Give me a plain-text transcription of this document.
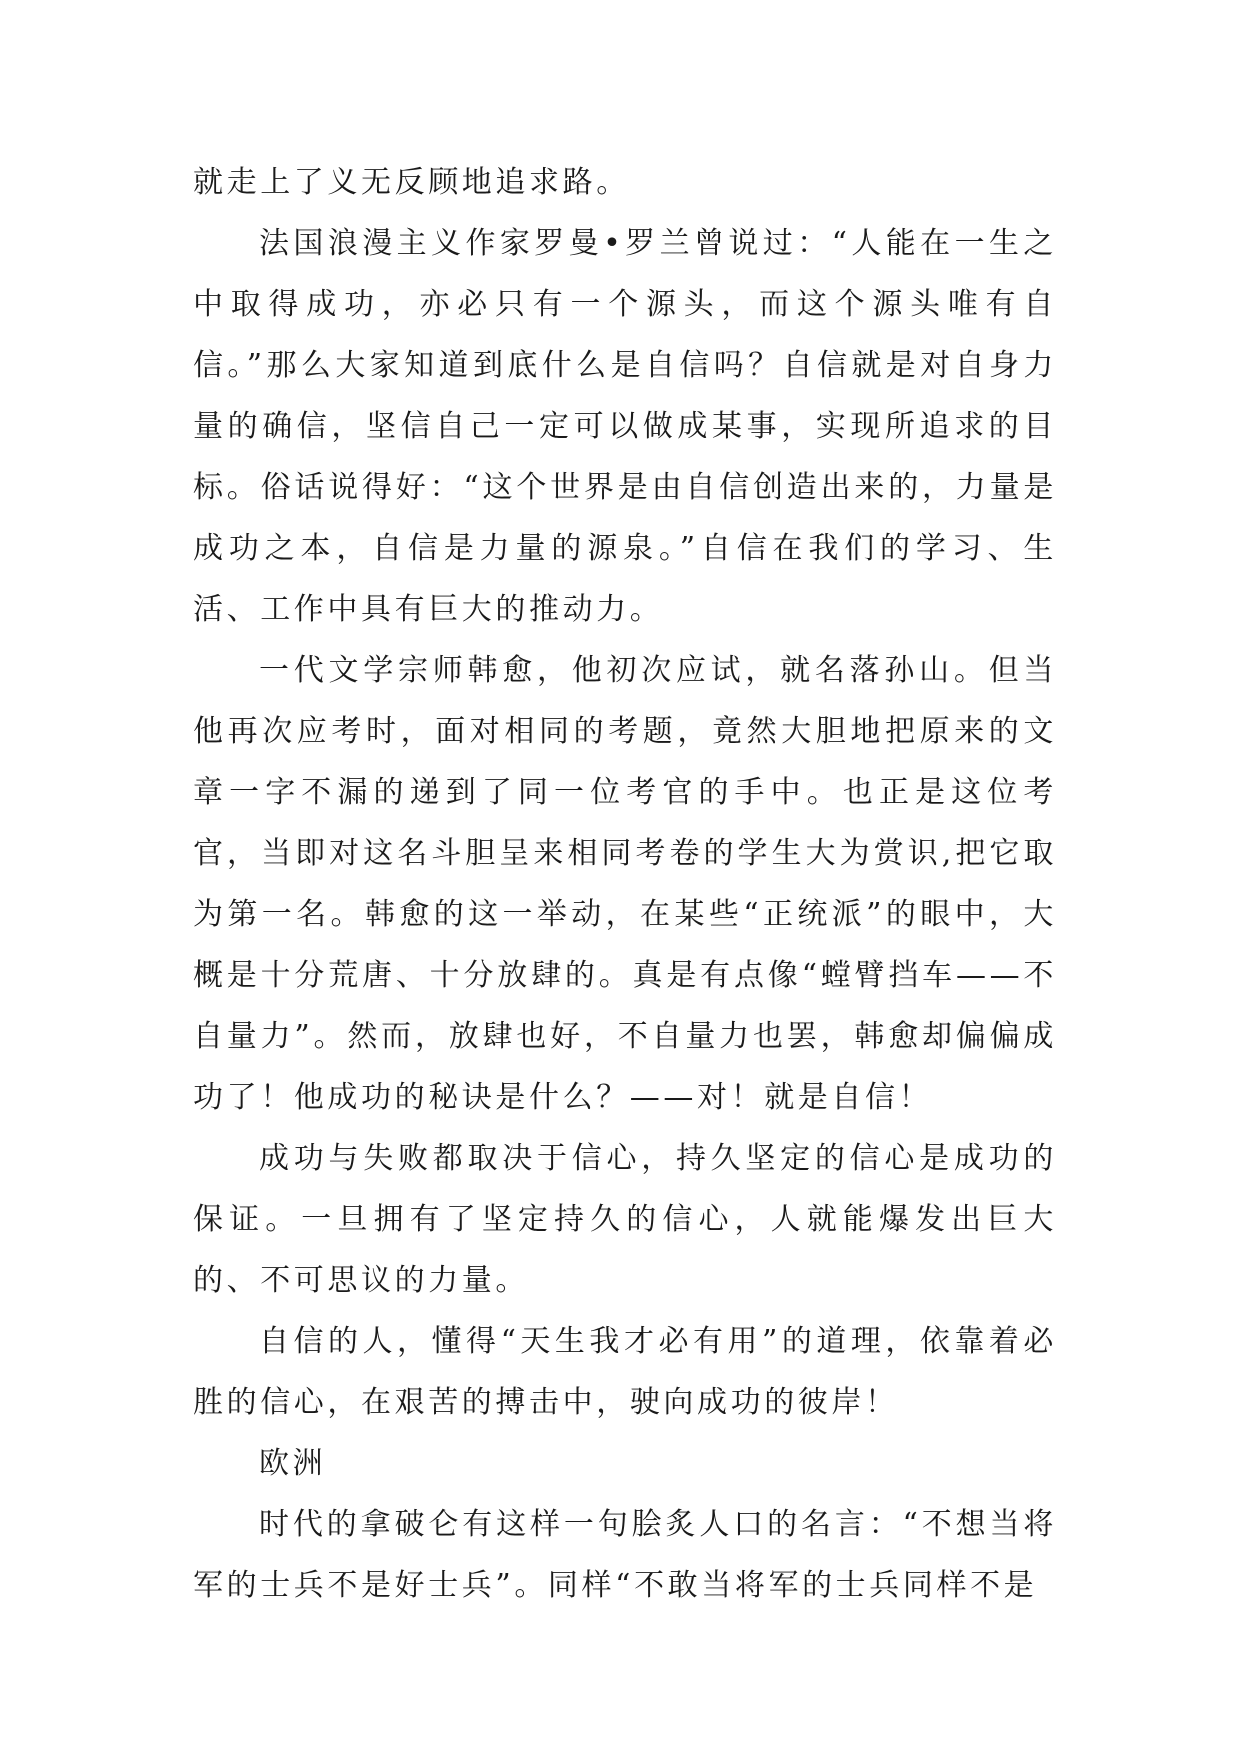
就走上了义无反顾地追求路。

法国浪漫主义作家罗曼•罗兰曾说过：“人能在一生之中取得成功，亦必只有一个源头，而这个源头唯有自信。”那么大家知道到底什么是自信吗？自信就是对自身力量的确信，坚信自己一定可以做成某事，实现所追求的目标。俗话说得好：“这个世界是由自信创造出来的，力量是成功之本，自信是力量的源泉。”自信在我们的学习、生活、工作中具有巨大的推动力。

一代文学宗师韩愈，他初次应试，就名落孙山。但当他再次应考时，面对相同的考题，竟然大胆地把原来的文章一字不漏的递到了同一位考官的手中。也正是这位考官，当即对这名斗胆呈来相同考卷的学生大为赏识,把它取为第一名。韩愈的这一举动，在某些“正统派”的眼中，大概是十分荒唐、十分放肆的。真是有点像“螳臂挡车——不自量力”。然而，放肆也好，不自量力也罢，韩愈却偏偏成功了！他成功的秘诀是什么？——对！就是自信！

成功与失败都取决于信心，持久坚定的信心是成功的保证。一旦拥有了坚定持久的信心，人就能爆发出巨大的、不可思议的力量。

自信的人，懂得“天生我才必有用”的道理，依靠着必胜的信心，在艰苦的搏击中，驶向成功的彼岸！

欧洲

时代的拿破仑有这样一句脍炙人口的名言：“不想当将军的士兵不是好士兵”。同样“不敢当将军的士兵同样不是
